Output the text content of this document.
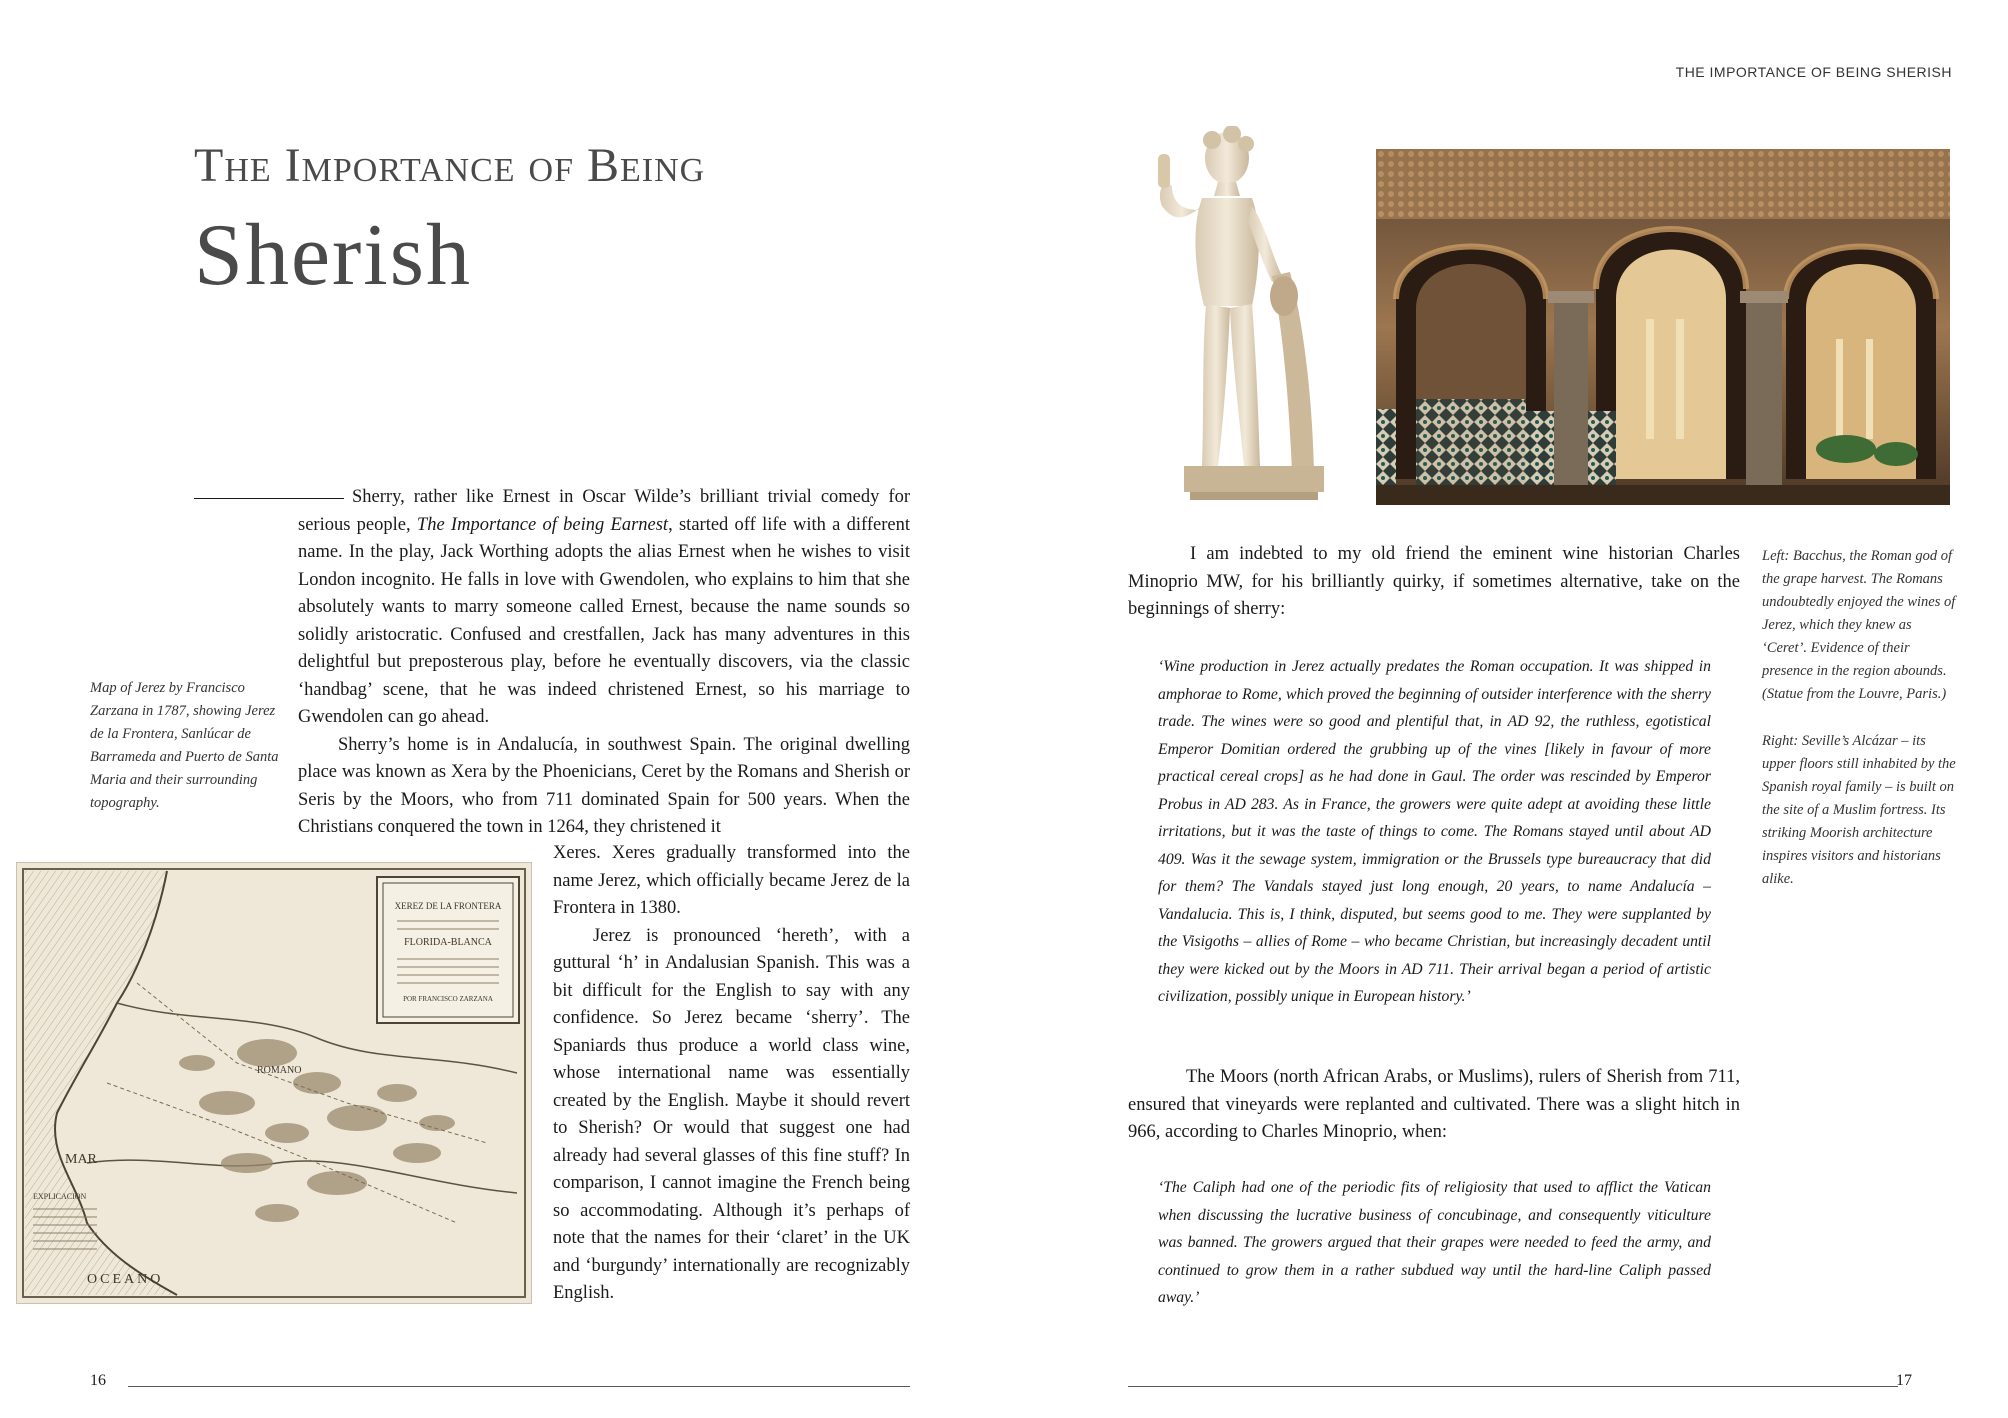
THE IMPORTANCE OF BEING SHERISH
The Importance of Being
Sherish

Sherry, rather like Ernest in Oscar Wilde’s brilliant trivial comedy for serious people, The Importance of being Earnest, started off life with a different name. In the play, Jack Worthing adopts the alias Ernest when he wishes to visit London incognito. He falls in love with Gwendolen, who explains to him that she absolutely wants to marry someone called Ernest, because the name sounds so solidly aristocratic. Confused and crestfallen, Jack has many adventures in this delightful but preposterous play, before he eventually discovers, via the classic ‘handbag’ scene, that he was indeed christened Ernest, so his marriage to Gwendolen can go ahead.

Sherry’s home is in Andalucía, in southwest Spain. The original dwelling place was known as Xera by the Phoenicians, Ceret by the Romans and Sherish or Seris by the Moors, who from 711 dominated Spain for 500 years. When the Christians conquered the town in 1264, they christened it

Xeres. Xeres gradually transformed into the name Jerez, which officially became Jerez de la Frontera in 1380.

Jerez is pronounced ‘hereth’, with a guttural ‘h’ in Andalusian Spanish. This was a bit difficult for the English to say with any confidence. So Jerez became ‘sherry’. The Spaniards thus produce a world class wine, whose international name was essentially created by the English. Maybe it should revert to Sherish? Or would that suggest one had already had several glasses of this fine stuff? In comparison, I cannot imagine the French being so accommodating. Although it’s perhaps of note that the names for their ‘claret’ in the UK and ‘burgundy’ internationally are recognizably English.

Map of Jerez by Francisco Zarzana in 1787, showing Jerez de la Frontera, Sanlúcar de Barrameda and Puerto de Santa Maria and their surrounding topography.
XEREZ DE LA FRONTERA
FLORIDA-BLANCA
POR FRANCISCO ZARZANA
MAR
OCEANO
ROMANO
EXPLICACION

I am indebted to my old friend the eminent wine historian Charles Minoprio MW, for his brilliantly quirky, if sometimes alternative, take on the beginnings of sherry:

‘Wine production in Jerez actually predates the Roman occupation. It was shipped in amphorae to Rome, which proved the beginning of outsider interference with the sherry trade. The wines were so good and plentiful that, in AD 92, the ruthless, egotistical Emperor Domitian ordered the grubbing up of the vines [likely in favour of more practical cereal crops] as he had done in Gaul. The order was rescinded by Emperor Probus in AD 283. As in France, the growers were quite adept at avoiding these little irritations, but it was the taste of things to come. The Romans stayed until about AD 409. Was it the sewage system, immigration or the Brussels type bureaucracy that did for them? The Vandals stayed just long enough, 20 years, to name Andalucía – Vandalucia. This is, I think, disputed, but seems good to me. They were supplanted by the Visigoths – allies of Rome – who became Christian, but increasingly decadent until they were kicked out by the Moors in AD 711. Their arrival began a period of artistic civilization, possibly unique in European history.’

The Moors (north African Arabs, or Muslims), rulers of Sherish from 711, ensured that vineyards were replanted and cultivated. There was a slight hitch in 966, according to Charles Minoprio, when:

‘The Caliph had one of the periodic fits of religiosity that used to afflict the Vatican when discussing the lucrative business of concubinage, and consequently viticulture was banned. The growers argued that their grapes were needed to feed the army, and continued to grow them in a rather subdued way until the hard-line Caliph passed away.’

Left: Bacchus, the Roman god of the grape harvest. The Romans undoubtedly enjoyed the wines of Jerez, which they knew as ‘Ceret’. Evidence of their presence in the region abounds. (Statue from the Louvre, Paris.)

Right: Seville’s Alcázar – its upper floors still inhabited by the Spanish royal family – is built on the site of a Muslim fortress. Its striking Moorish architecture inspires visitors and historians alike.

16	17
